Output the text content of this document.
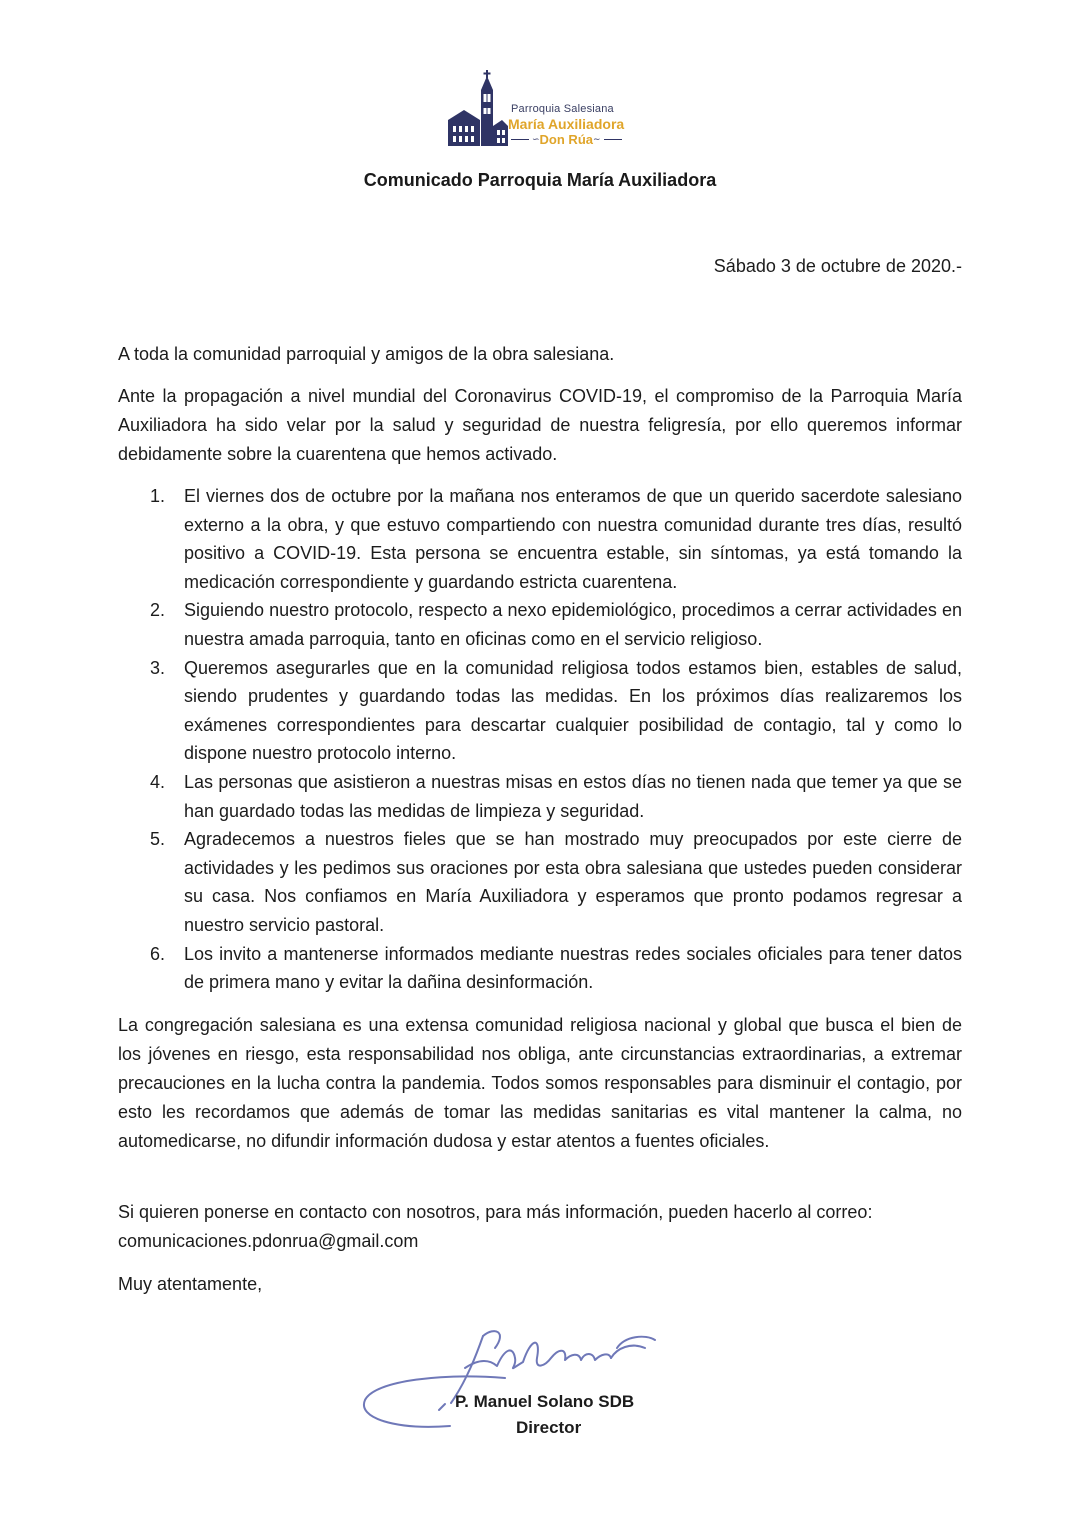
Parroquia Salesiana
María Auxiliadora
∽ Don Rúa ∼
Comunicado Parroquia María Auxiliadora
Sábado 3 de octubre de 2020.-
A toda la comunidad parroquial y amigos de la obra salesiana.
Ante la propagación a nivel mundial del Coronavirus COVID-19, el compromiso de la Parroquia María Auxiliadora ha sido velar por la salud y seguridad de nuestra feligresía, por ello queremos informar debidamente sobre la cuarentena que hemos activado.
1. El viernes dos de octubre por la mañana nos enteramos de que un querido sacerdote salesiano externo a la obra, y que estuvo compartiendo con nuestra comunidad durante tres días, resultó positivo a COVID-19. Esta persona se encuentra estable, sin síntomas, ya está tomando la medicación correspondiente y guardando estricta cuarentena.
2. Siguiendo nuestro protocolo, respecto a nexo epidemiológico, procedimos a cerrar actividades en nuestra amada parroquia, tanto en oficinas como en el servicio religioso.
3. Queremos asegurarles que en la comunidad religiosa todos estamos bien, estables de salud, siendo prudentes y guardando todas las medidas. En los próximos días realizaremos los exámenes correspondientes para descartar cualquier posibilidad de contagio, tal y como lo dispone nuestro protocolo interno.
4. Las personas que asistieron a nuestras misas en estos días no tienen nada que temer ya que se han guardado todas las medidas de limpieza y seguridad.
5. Agradecemos a nuestros fieles que se han mostrado muy preocupados por este cierre de actividades y les pedimos sus oraciones por esta obra salesiana que ustedes pueden considerar su casa. Nos confiamos en María Auxiliadora y esperamos que pronto podamos regresar a nuestro servicio pastoral.
6. Los invito a mantenerse informados mediante nuestras redes sociales oficiales para tener datos de primera mano y evitar la dañina desinformación.
La congregación salesiana es una extensa comunidad religiosa nacional y global que busca el bien de los jóvenes en riesgo, esta responsabilidad nos obliga, ante circunstancias extraordinarias, a extremar precauciones en la lucha contra la pandemia. Todos somos responsables para disminuir el contagio, por esto les recordamos que además de tomar las medidas sanitarias es vital mantener la calma, no automedicarse, no difundir información dudosa y estar atentos a fuentes oficiales.
Si quieren ponerse en contacto con nosotros, para más información, pueden hacerlo al correo:
comunicaciones.pdonrua@gmail.com
Muy atentamente,
P. Manuel Solano SDB
Director
